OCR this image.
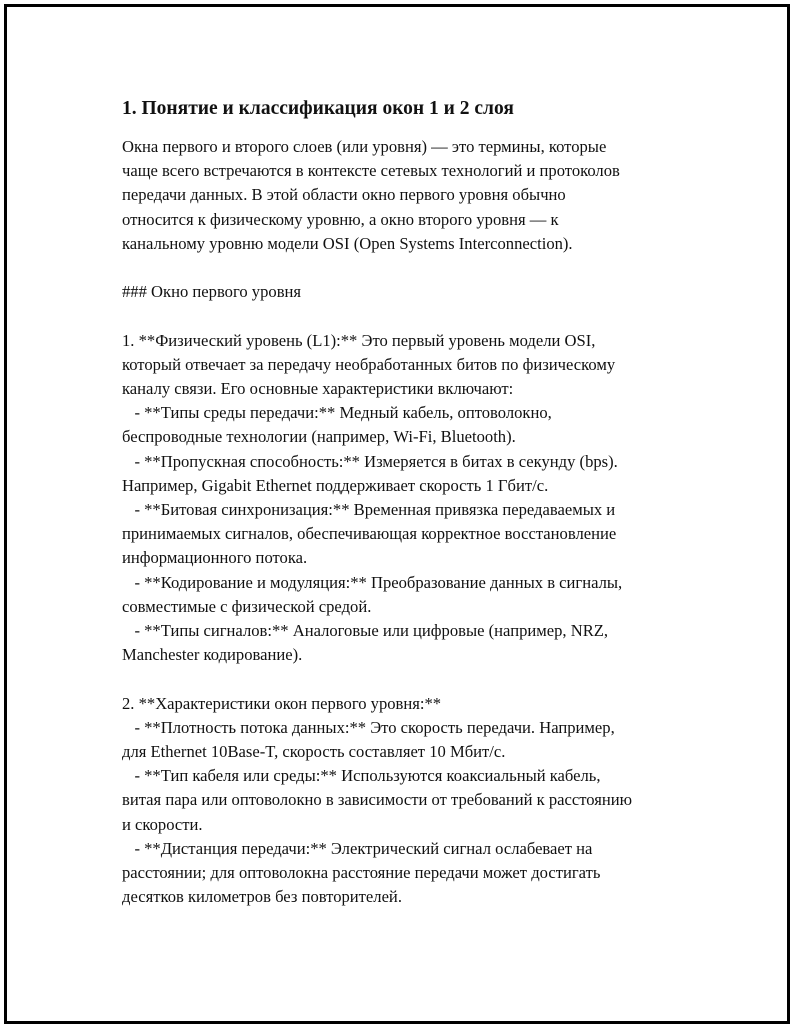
1. Понятие и классификация окон 1 и 2 слоя

Окна первого и второго слоев (или уровня) — это термины, которые
чаще всего встречаются в контексте сетевых технологий и протоколов
передачи данных. В этой области окно первого уровня обычно
относится к физическому уровню, а окно второго уровня — к
канальному уровню модели OSI (Open Systems Interconnection).

### Окно первого уровня

1. **Физический уровень (L1):** Это первый уровень модели OSI,
который отвечает за передачу необработанных битов по физическому
каналу связи. Его основные характеристики включают:
- **Типы среды передачи:** Медный кабель, оптоволокно,
беспроводные технологии (например, Wi-Fi, Bluetooth).
- **Пропускная способность:** Измеряется в битах в секунду (bps).
Например, Gigabit Ethernet поддерживает скорость 1 Гбит/с.
- **Битовая синхронизация:** Временная привязка передаваемых и
принимаемых сигналов, обеспечивающая корректное восстановление
информационного потока.
- **Кодирование и модуляция:** Преобразование данных в сигналы,
совместимые с физической средой.
- **Типы сигналов:** Аналоговые или цифровые (например, NRZ,
Manchester кодирование).

2. **Характеристики окон первого уровня:**
- **Плотность потока данных:** Это скорость передачи. Например,
для Ethernet 10Base-T, скорость составляет 10 Мбит/с.
- **Тип кабеля или среды:** Используются коаксиальный кабель,
витая пара или оптоволокно в зависимости от требований к расстоянию
и скорости.
- **Дистанция передачи:** Электрический сигнал ослабевает на
расстоянии; для оптоволокна расстояние передачи может достигать
десятков километров без повторителей.
